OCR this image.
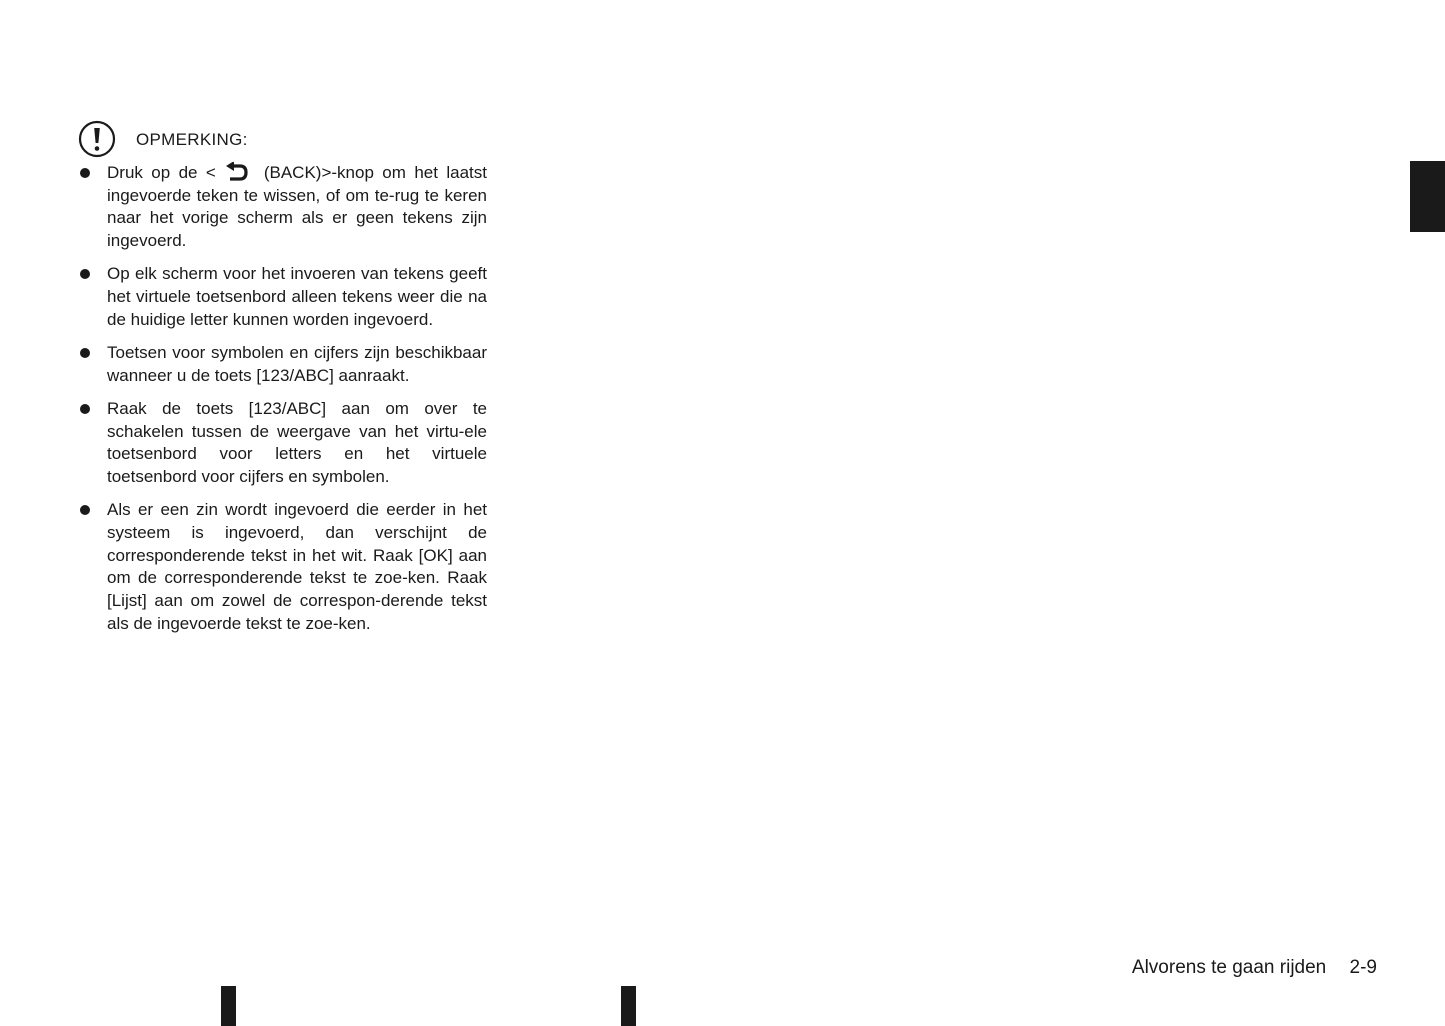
OPMERKING:
Druk op de <	(BACK)>-knop om het laatst ingevoerde teken te wissen, of om te-rug te keren naar het vorige scherm als er geen tekens zijn ingevoerd.
Op elk scherm voor het invoeren van tekens geeft het virtuele toetsenbord alleen tekens weer die na de huidige letter kunnen worden ingevoerd.
Toetsen voor symbolen en cijfers zijn beschikbaar wanneer u de toets [123/ABC] aanraakt.
Raak de toets [123/ABC] aan om over te schakelen tussen de weergave van het virtu-ele toetsenbord voor letters en het virtuele toetsenbord voor cijfers en symbolen.
Als er een zin wordt ingevoerd die eerder in het systeem is ingevoerd, dan verschijnt de corresponderende tekst in het wit. Raak [OK] aan om de corresponderende tekst te zoe-ken. Raak [Lijst] aan om zowel de correspon-derende tekst als de ingevoerde tekst te zoe-ken.
Alvorens te gaan rijden 2-9
